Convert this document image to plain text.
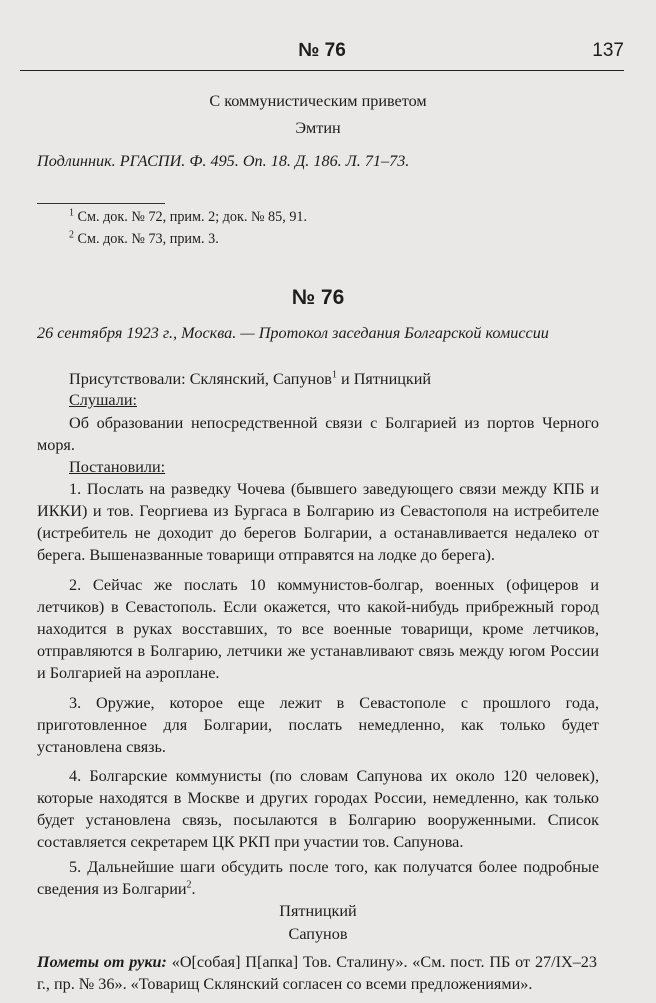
№ 76	137
С коммунистическим приветом
Эмтин
Подлинник. РГАСПИ. Ф. 495. Оп. 18. Д. 186. Л. 71–73.
$^1$ См. док. № 72, прим. 2; док. № 85, 91.
$^2$ См. док. № 73, прим. 3.
№ 76
26 сентября 1923 г., Москва. — Протокол заседания Болгарской комиссии
Присутствовали: Склянский, Сапунов$^1$ и Пятницкий
Слушали:
Об образовании непосредственной связи с Болгарией из портов Черного моря.
Постановили:
1. Послать на разведку Чочева (бывшего заведующего связи между КПБ и ИККИ) и тов. Георгиева из Бургаса в Болгарию из Севастополя на истребителе (истребитель не доходит до берегов Болгарии, а останавливается недалеко от берега. Вышеназванные товарищи отправятся на лодке до берега).
2. Сейчас же послать 10 коммунистов-болгар, военных (офицеров и летчиков) в Севастополь. Если окажется, что какой-нибудь прибрежный город находится в руках восставших, то все военные товарищи, кроме летчиков, отправляются в Болгарию, летчики же устанавливают связь между югом России и Болгарией на аэроплане.
3. Оружие, которое еще лежит в Севастополе с прошлого года, приготовленное для Болгарии, послать немедленно, как только будет установлена связь.
4. Болгарские коммунисты (по словам Сапунова их около 120 человек), которые находятся в Москве и других городах России, немедленно, как только будет установлена связь, посылаются в Болгарию вооруженными. Список составляется секретарем ЦК РКП при участии тов. Сапунова.
5. Дальнейшие шаги обсудить после того, как получатся более подробные сведения из Болгарии$^2$.
Пятницкий
Сапунов
Пометы от руки: «О[собая] П[апка] Тов. Сталину». «См. пост. ПБ от 27/IX–23 г., пр. № 36». «Товарищ Склянский согласен со всеми предложениями».
